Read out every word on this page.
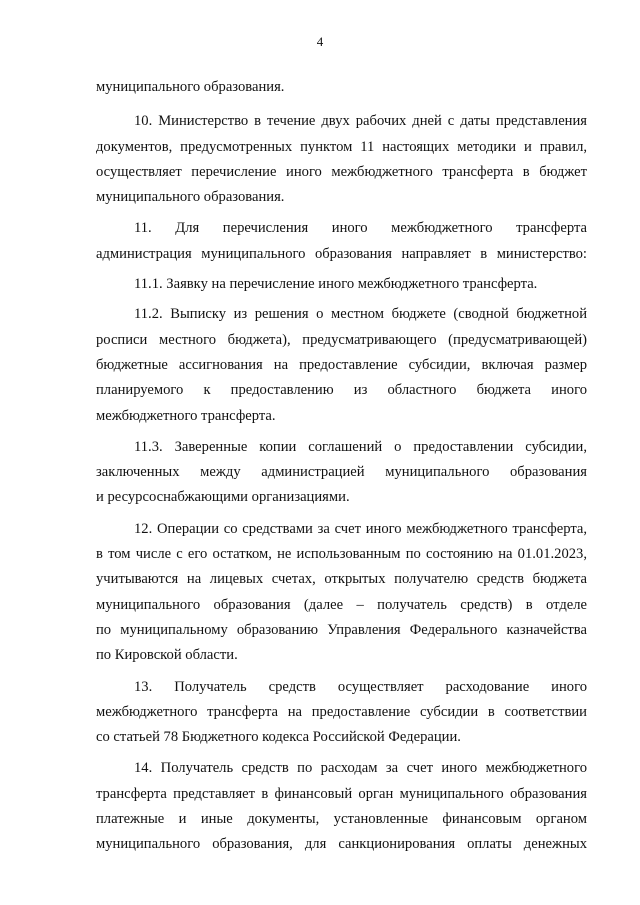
4
муниципального образования.
10. Министерство в течение двух рабочих дней с даты представления
документов, предусмотренных пунктом 11 настоящих методики и правил,
осуществляет перечисление иного межбюджетного трансферта в бюджет
муниципального образования.
11. Для перечисления иного межбюджетного трансферта
администрация муниципального образования направляет в министерство:
11.1. Заявку на перечисление иного межбюджетного трансферта.
11.2. Выписку из решения о местном бюджете (сводной бюджетной
росписи местного бюджета), предусматривающего (предусматривающей)
бюджетные ассигнования на предоставление субсидии, включая размер
планируемого к предоставлению из областного бюджета иного
межбюджетного трансферта.
11.3. Заверенные копии соглашений о предоставлении субсидии,
заключенных между администрацией муниципального образования
и ресурсоснабжающими организациями.
12. Операции со средствами за счет иного межбюджетного трансферта,
в том числе с его остатком, не использованным по состоянию на 01.01.2023,
учитываются на лицевых счетах, открытых получателю средств бюджета
муниципального образования (далее – получатель средств) в отделе
по муниципальному образованию Управления Федерального казначейства
по Кировской области.
13. Получатель средств осуществляет расходование иного
межбюджетного трансферта на предоставление субсидии в соответствии
со статьей 78 Бюджетного кодекса Российской Федерации.
14. Получатель средств по расходам за счет иного межбюджетного
трансферта представляет в финансовый орган муниципального образования
платежные и иные документы, установленные финансовым органом
муниципального образования, для санкционирования оплаты денежных
